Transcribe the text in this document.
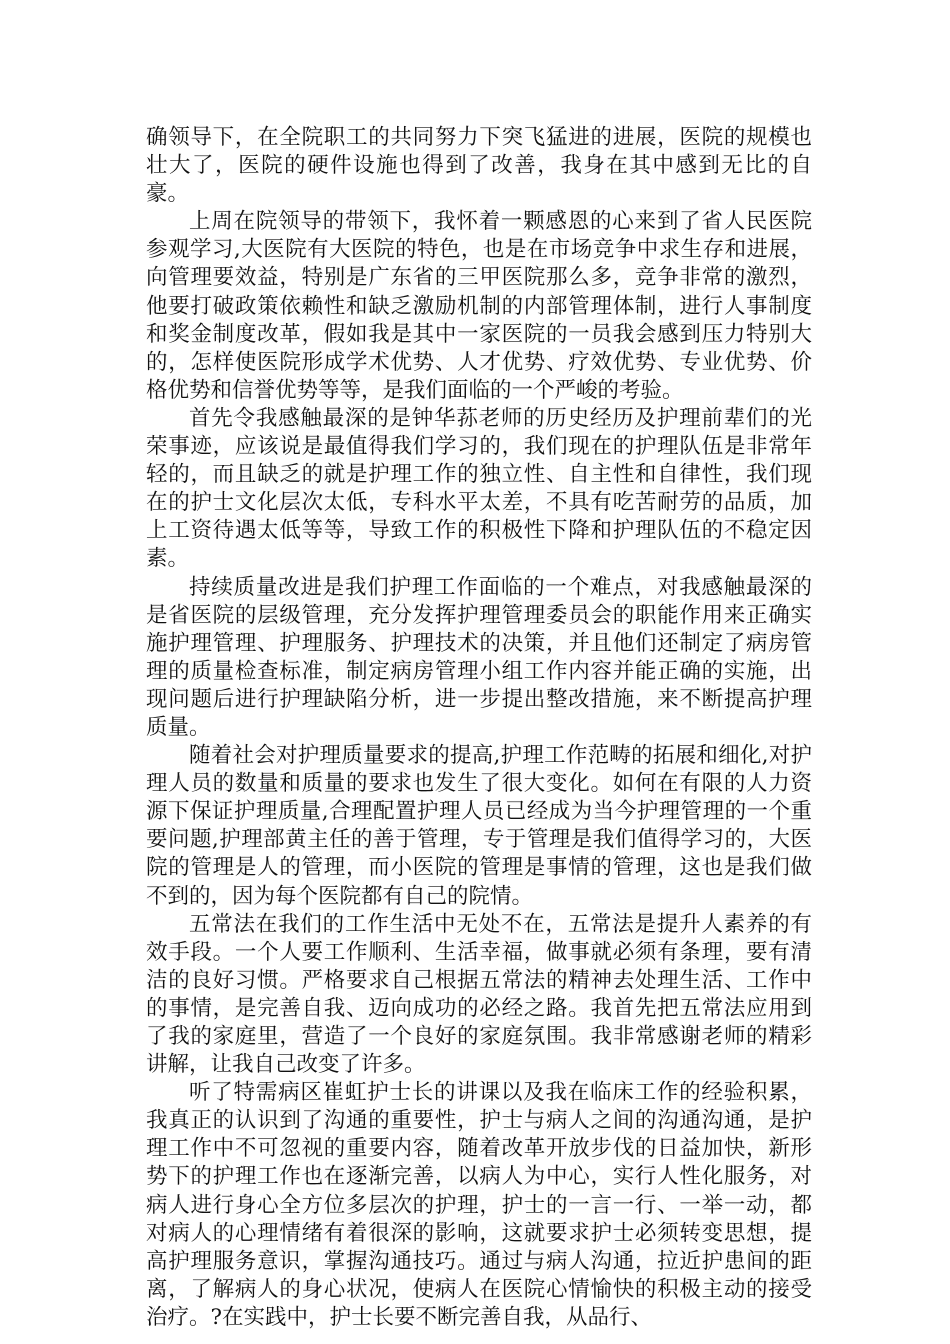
确领导下，在全院职工的共同努力下突飞猛进的进展，医院的规模也壮大了，医院的硬件设施也得到了改善，我身在其中感到无比的自豪。

上周在院领导的带领下，我怀着一颗感恩的心来到了省人民医院参观学习,大医院有大医院的特色，也是在市场竞争中求生存和进展，向管理要效益，特别是广东省的三甲医院那么多，竞争非常的激烈，他要打破政策依赖性和缺乏激励机制的内部管理体制，进行人事制度和奖金制度改革，假如我是其中一家医院的一员我会感到压力特别大的，怎样使医院形成学术优势、人才优势、疗效优势、专业优势、价格优势和信誉优势等等，是我们面临的一个严峻的考验。

首先令我感触最深的是钟华荪老师的历史经历及护理前辈们的光荣事迹，应该说是最值得我们学习的，我们现在的护理队伍是非常年轻的，而且缺乏的就是护理工作的独立性、自主性和自律性，我们现在的护士文化层次太低，专科水平太差，不具有吃苦耐劳的品质，加上工资待遇太低等等，导致工作的积极性下降和护理队伍的不稳定因素。

持续质量改进是我们护理工作面临的一个难点，对我感触最深的是省医院的层级管理，充分发挥护理管理委员会的职能作用来正确实施护理管理、护理服务、护理技术的决策，并且他们还制定了病房管理的质量检查标准，制定病房管理小组工作内容并能正确的实施，出现问题后进行护理缺陷分析，进一步提出整改措施，来不断提高护理质量。

随着社会对护理质量要求的提高,护理工作范畴的拓展和细化,对护理人员的数量和质量的要求也发生了很大变化。如何在有限的人力资源下保证护理质量,合理配置护理人员已经成为当今护理管理的一个重要问题,护理部黄主任的善于管理，专于管理是我们值得学习的，大医院的管理是人的管理，而小医院的管理是事情的管理，这也是我们做不到的，因为每个医院都有自己的院情。

五常法在我们的工作生活中无处不在，五常法是提升人素养的有效手段。一个人要工作顺利、生活幸福，做事就必须有条理，要有清洁的良好习惯。严格要求自己根据五常法的精神去处理生活、工作中的事情，是完善自我、迈向成功的必经之路。我首先把五常法应用到了我的家庭里，营造了一个良好的家庭氛围。我非常感谢老师的精彩讲解，让我自己改变了许多。

听了特需病区崔虹护士长的讲课以及我在临床工作的经验积累，我真正的认识到了沟通的重要性，护士与病人之间的沟通沟通，是护理工作中不可忽视的重要内容，随着改革开放步伐的日益加快，新形势下的护理工作也在逐渐完善，以病人为中心，实行人性化服务，对病人进行身心全方位多层次的护理，护士的一言一行、一举一动，都对病人的心理情绪有着很深的影响，这就要求护士必须转变思想，提高护理服务意识，掌握沟通技巧。通过与病人沟通，拉近护患间的距离，了解病人的身心状况，使病人在医院心情愉快的积极主动的接受治疗。?在实践中，护士长要不断完善自我，从品行、
